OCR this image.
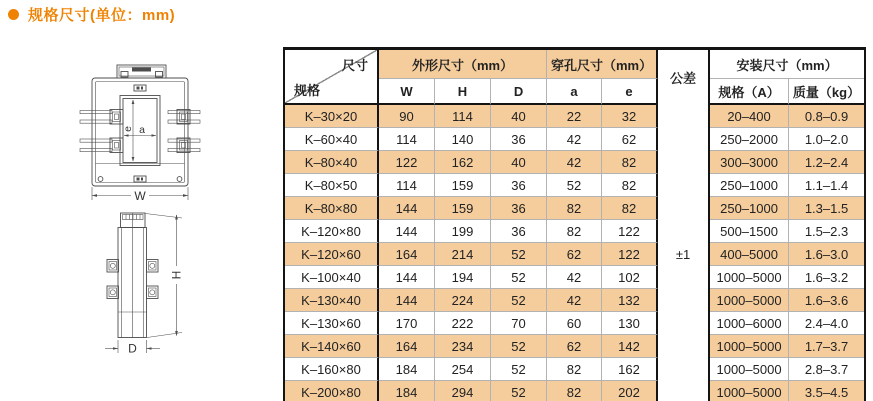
规格尺寸(单位：mm)
e a
W
H
D
尺寸
规格	外形尺寸（mm）			穿孔尺寸（mm）		公差	安装尺寸（mm）	
	W	H	D	a	e		规格（A）	质量（kg）
K–30×20	90	114	40	22	32	±1	20–400	0.8–0.9
K–60×40	114	140	36	42	62		250–2000	1.0–2.0
K–80×40	122	162	40	42	82		300–3000	1.2–2.4
K–80×50	114	159	36	52	82		250–1000	1.1–1.4
K–80×80	144	159	36	82	82		250–1000	1.3–1.5
K–120×80	144	199	36	82	122		500–1500	1.5–2.3
K–120×60	164	214	52	62	122		400–5000	1.6–3.0
K–100×40	144	194	52	42	102		1000–5000	1.6–3.2
K–130×40	144	224	52	42	132		1000–5000	1.6–3.6
K–130×60	170	222	70	60	130		1000–6000	2.4–4.0
K–140×60	164	234	52	62	142		1000–5000	1.7–3.7
K–160×80	184	254	52	82	162		1000–5000	2.8–3.7
K–200×80	184	294	52	82	202		1000–5000	3.5–4.5
